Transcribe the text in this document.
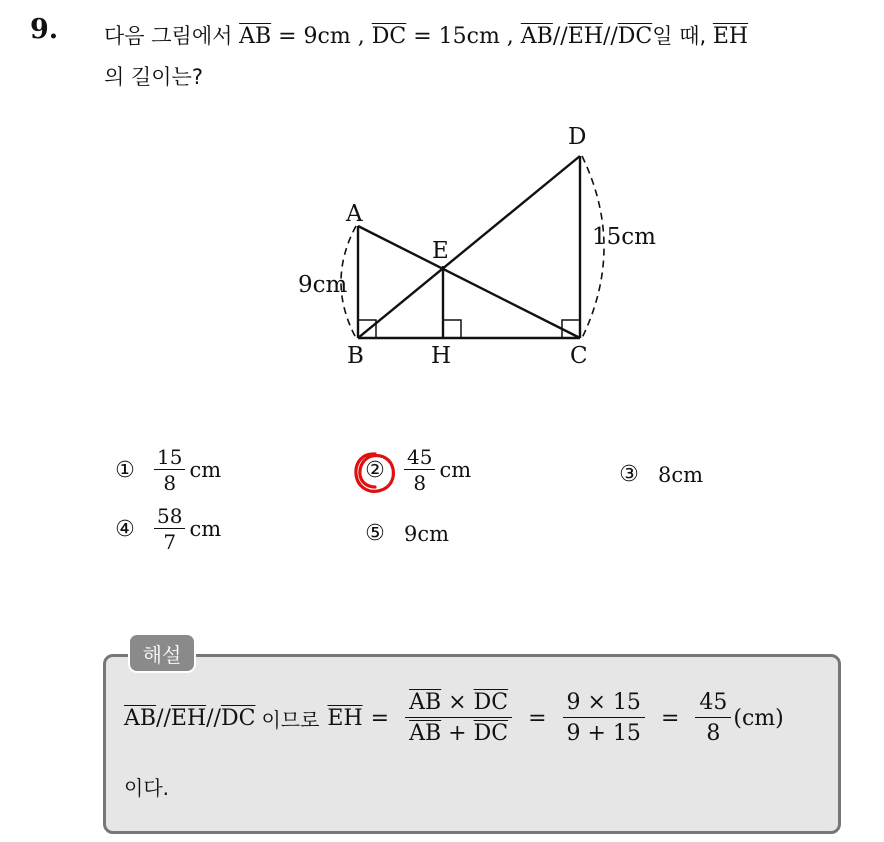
9. 다음 그림에서 $\overline{AB} = 9cm$ , $\overline{DC} = 15cm$ , $\overline{AB}//\overline{EH}//\overline{DC}$일 때, $\overline{EH}$
의 길이는?
A
B	C
D
E
H
9cm
15cm
① $\frac{15}{8}$ cm	② $\frac{45}{8}$ cm	③ 8cm
④ $\frac{58}{7}$ cm	⑤ 9cm
해설
$\overline{AB} // \overline{EH} // \overline{DC}$ 이므로 $\overline{EH} = \frac{\overline{AB} \times \overline{DC}}{\overline{AB} + \overline{DC}} = \frac{9 \times 15}{9 + 15} = \frac{45}{8} (cm)$
이다.
